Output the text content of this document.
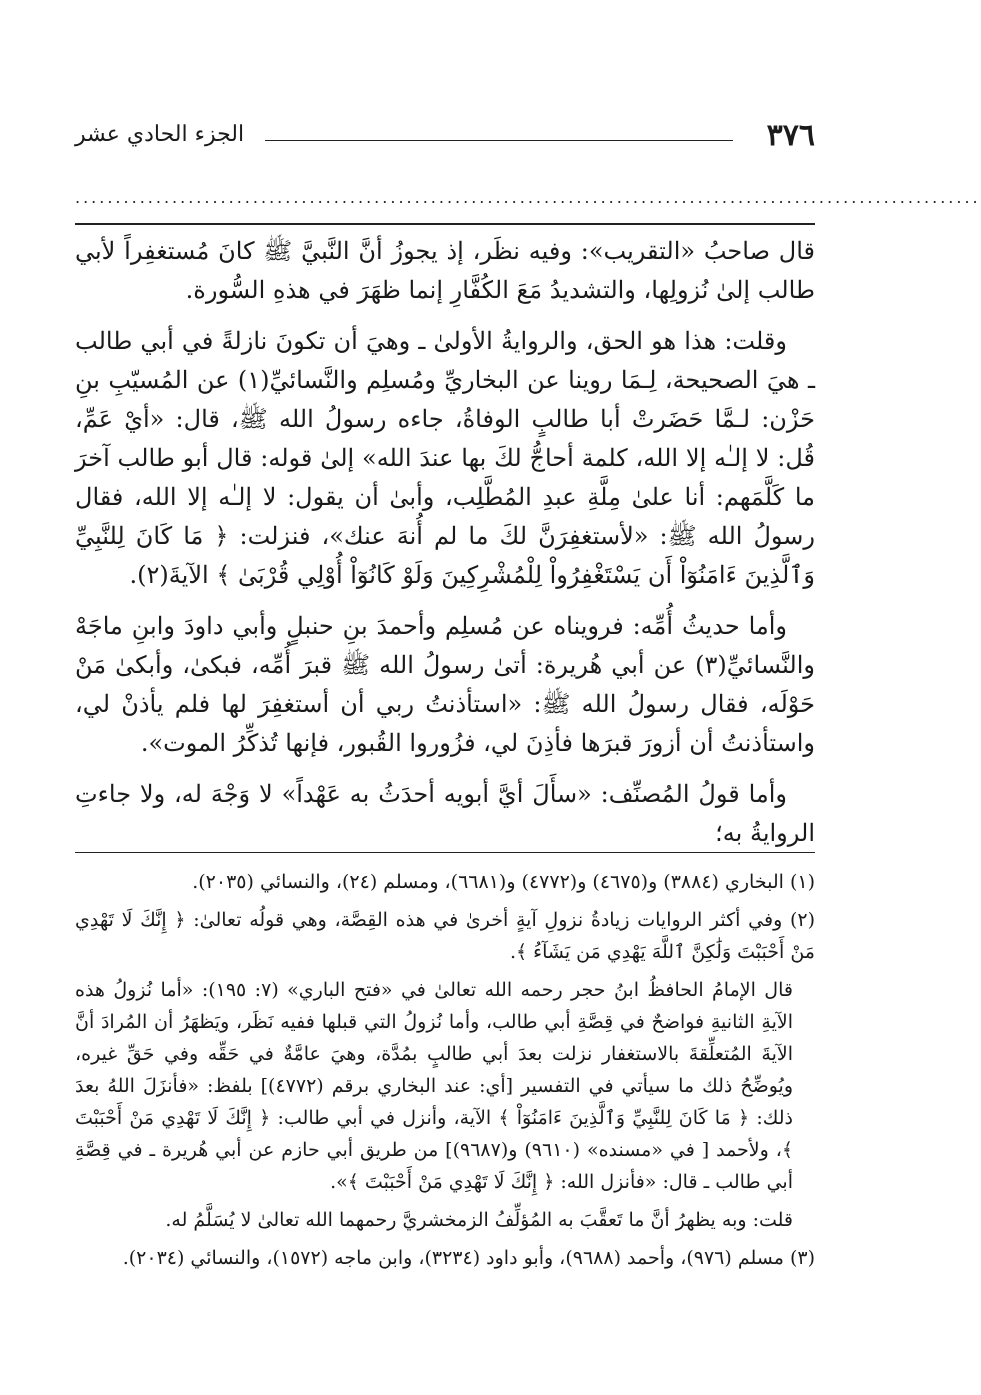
٣٧٦
الجزء الحادي عشر
................................................................................................................

قال صاحبُ «التقريب»: وفيه نظَر، إذ يجوزُ أنَّ النَّبيَّ ﷺ كانَ مُستغفِراً لأبي طالب إلىٰ نُزولِها، والتشديدُ مَعَ الكُفَّارِ إنما ظهَرَ في هذهِ السُّورة.

وقلت: هذا هو الحق، والروايةُ الأولىٰ ـ وهيَ أن تكونَ نازلةً في أبي طالب ـ هيَ الصحيحة، لِـمَا روينا عن البخاريِّ ومُسلِم والنَّسائيِّ(١) عن المُسيّبِ بنِ حَزْن: لـمَّا حَضَرتْ أبا طالبٍ الوفاةُ، جاءه رسولُ الله ﷺ، قال: «أيْ عَمِّ، قُل: لا إلـٰه إلا الله، كلمة أحاجُّ لكَ بها عندَ الله» إلىٰ قوله: قال أبو طالب آخرَ ما كَلَّمَهم: أنا علىٰ مِلَّةِ عبدِ المُطَّلِب، وأبىٰ أن يقول: لا إلـٰه إلا الله، فقال رسولُ الله ﷺ: «لأستغفِرَنَّ لكَ ما لم أُنهَ عنك»، فنزلت: ﴿ مَا كَانَ لِلنَّبِيِّ وَٱلَّذِينَ ءَامَنُوٓاْ أَن يَسْتَغْفِرُواْ لِلْمُشْرِكِينَ وَلَوْ كَانُوٓاْ أُوْلِي قُرْبَىٰ ﴾ الآيةَ(٢).

وأما حديثُ أُمِّه: فرويناه عن مُسلِم وأحمدَ بنِ حنبلٍ وأبي داودَ وابنِ ماجَهْ والنَّسائيِّ(٣) عن أبي هُريرة: أتىٰ رسولُ الله ﷺ قبرَ أُمِّه، فبكىٰ، وأبكىٰ مَنْ حَوْلَه، فقال رسولُ الله ﷺ: «استأذنتُ ربي أن أستغفِرَ لها فلم يأذنْ لي، واستأذنتُ أن أزورَ قبرَها فأذِنَ لي، فزُوروا القُبور، فإنها تُذكِّرُ الموت».

وأما قولُ المُصنِّف: «سأَلَ أيَّ أبويه أحدَثُ به عَهْداً» لا وَجْهَ له، ولا جاءتِ الروايةُ به؛

(١) البخاري (٣٨٨٤) و(٤٦٧٥) و(٤٧٧٢) و(٦٦٨١)، ومسلم (٢٤)، والنسائي (٢٠٣٥).

(٢) وفي أكثر الروايات زيادةُ نزولِ آيةٍ أخرىٰ في هذه القِصَّة، وهي قولُه تعالىٰ: ﴿ إِنَّكَ لَا تَهْدِي مَنْ أَحْبَبْتَ وَلَٰكِنَّ ٱللَّهَ يَهْدِي مَن يَشَآءُ ﴾.

قال الإمامُ الحافظُ ابنُ حجر رحمه الله تعالىٰ في «فتح الباري» (٧: ١٩٥): «أما نُزولُ هذه الآيةِ الثانيةِ فواضحٌ في قِصَّةِ أبي طالب، وأما نُزولُ التي قبلها ففيه نَظَر، ويَظهَرُ أن المُرادَ أنَّ الآيةَ المُتعلِّقةَ بالاستغفار نزلت بعدَ أبي طالبٍ بمُدَّة، وهيَ عامَّةٌ في حَقِّه وفي حَقِّ غيره، ويُوضِّحُ ذلك ما سيأتي في التفسير [أي: عند البخاري برقم (٤٧٧٢)] بلفظ: «فأنزَلَ اللهُ بعدَ ذلك: ﴿ مَا كَانَ لِلنَّبِيِّ وَٱلَّذِينَ ءَامَنُوٓاْ ﴾ الآية، وأنزل في أبي طالب: ﴿ إِنَّكَ لَا تَهْدِي مَنْ أَحْبَبْتَ ﴾، ولأحمد [ في «مسنده» (٩٦١٠) و(٩٦٨٧)] من طريق أبي حازم عن أبي هُريرة ـ في قِصَّةِ أبي طالب ـ قال: «فأنزل الله: ﴿ إِنَّكَ لَا تَهْدِي مَنْ أَحْبَبْتَ ﴾».

قلت: وبه يظهرُ أنَّ ما تَعقَّبَ به المُؤلِّفُ الزمخشريَّ رحمهما الله تعالىٰ لا يُسَلَّمُ له.

(٣) مسلم (٩٧٦)، وأحمد (٩٦٨٨)، وأبو داود (٣٢٣٤)، وابن ماجه (١٥٧٢)، والنسائي (٢٠٣٤).
